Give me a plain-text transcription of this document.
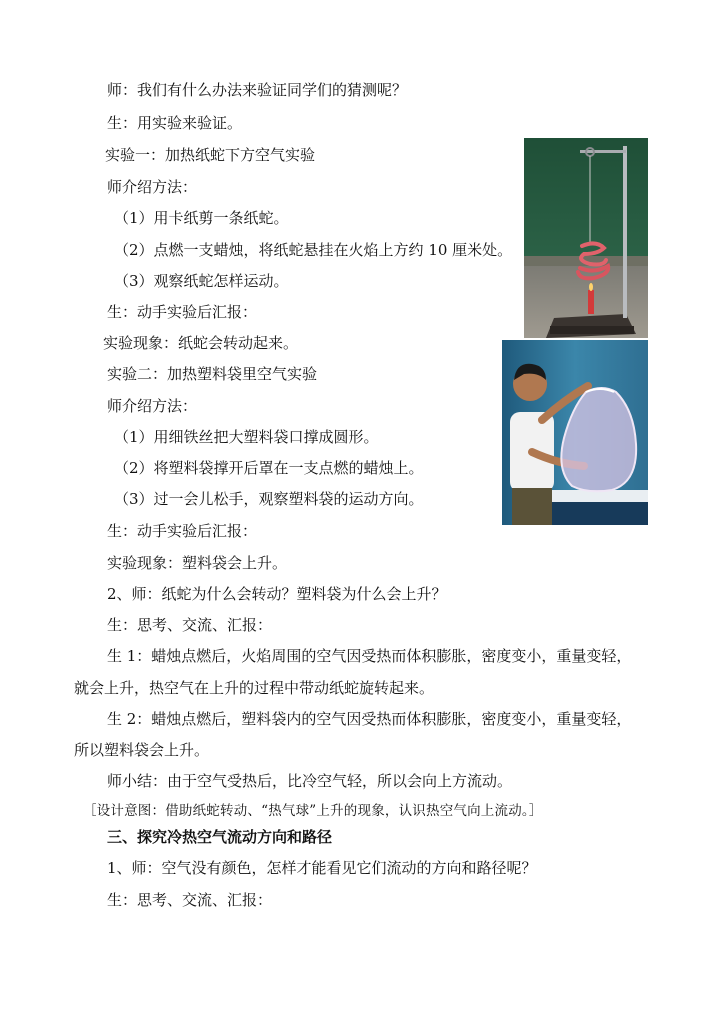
师：我们有什么办法来验证同学们的猜测呢？
生：用实验来验证。
实验一：加热纸蛇下方空气实验
师介绍方法：
（1）用卡纸剪一条纸蛇。
（2）点燃一支蜡烛，将纸蛇悬挂在火焰上方约 10 厘米处。
（3）观察纸蛇怎样运动。
生：动手实验后汇报：
实验现象：纸蛇会转动起来。
实验二：加热塑料袋里空气实验
师介绍方法：
（1）用细铁丝把大塑料袋口撑成圆形。
（2）将塑料袋撑开后罩在一支点燃的蜡烛上。
（3）过一会儿松手，观察塑料袋的运动方向。
生：动手实验后汇报：
实验现象：塑料袋会上升。
2、师：纸蛇为什么会转动？塑料袋为什么会上升？
生：思考、交流、汇报：
生 1：蜡烛点燃后，火焰周围的空气因受热而体积膨胀，密度变小，重量变轻，
就会上升，热空气在上升的过程中带动纸蛇旋转起来。
生 2：蜡烛点燃后，塑料袋内的空气因受热而体积膨胀，密度变小，重量变轻，
所以塑料袋会上升。
师小结：由于空气受热后，比冷空气轻，所以会向上方流动。
［设计意图：借助纸蛇转动、“热气球”上升的现象，认识热空气向上流动。］
三、探究冷热空气流动方向和路径
1、师：空气没有颜色，怎样才能看见它们流动的方向和路径呢？
生：思考、交流、汇报：
